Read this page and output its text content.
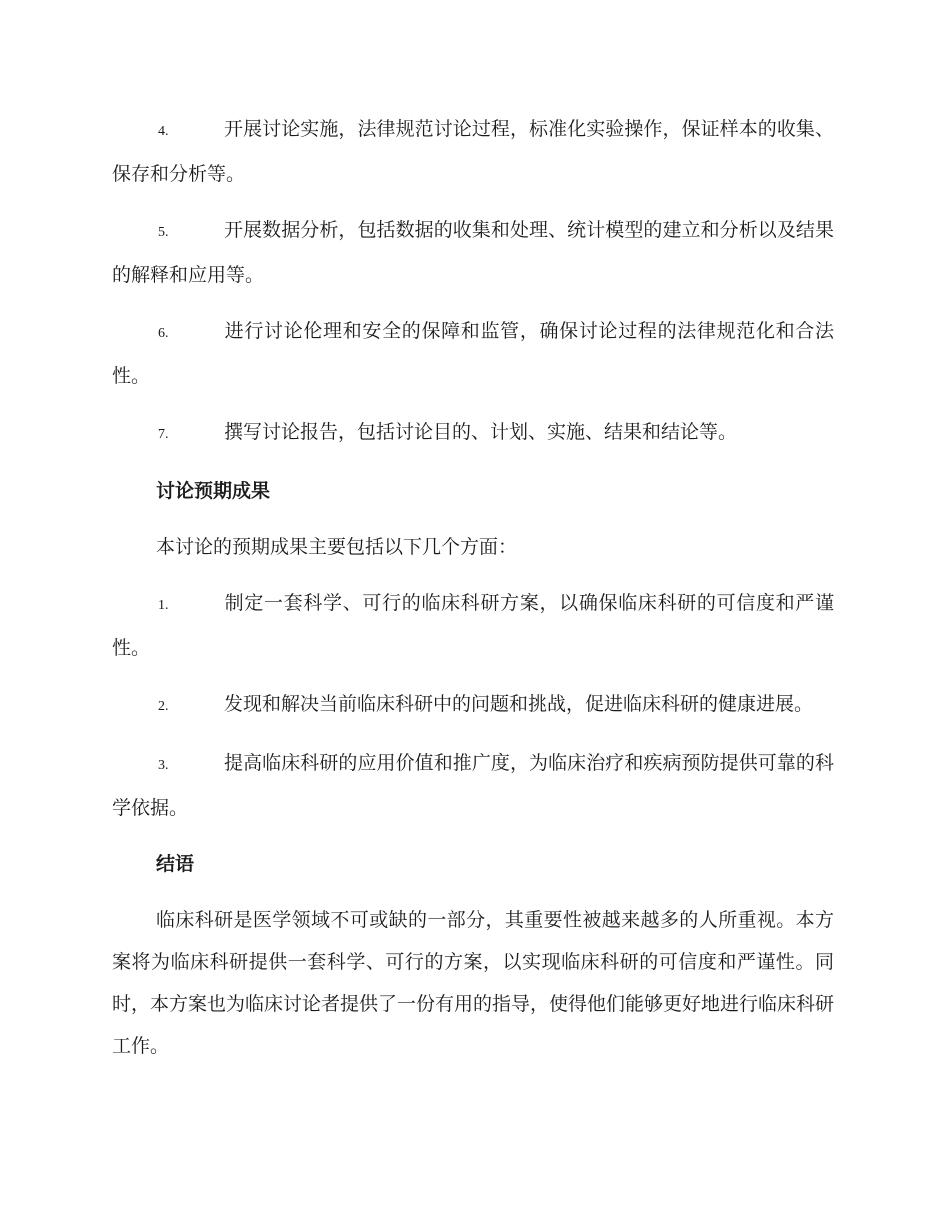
4.	开展讨论实施，法律规范讨论过程，标准化实验操作，保证样本的收集、保存和分析等。

5.	开展数据分析，包括数据的收集和处理、统计模型的建立和分析以及结果的解释和应用等。

6.	进行讨论伦理和安全的保障和监管，确保讨论过程的法律规范化和合法性。

7.	撰写讨论报告，包括讨论目的、计划、实施、结果和结论等。

讨论预期成果

本讨论的预期成果主要包括以下几个方面：

1.	制定一套科学、可行的临床科研方案，以确保临床科研的可信度和严谨性。

2.	发现和解决当前临床科研中的问题和挑战，促进临床科研的健康进展。

3.	提高临床科研的应用价值和推广度，为临床治疗和疾病预防提供可靠的科学依据。

结语

临床科研是医学领域不可或缺的一部分，其重要性被越来越多的人所重视。本方案将为临床科研提供一套科学、可行的方案，以实现临床科研的可信度和严谨性。同时，本方案也为临床讨论者提供了一份有用的指导，使得他们能够更好地进行临床科研工作。
